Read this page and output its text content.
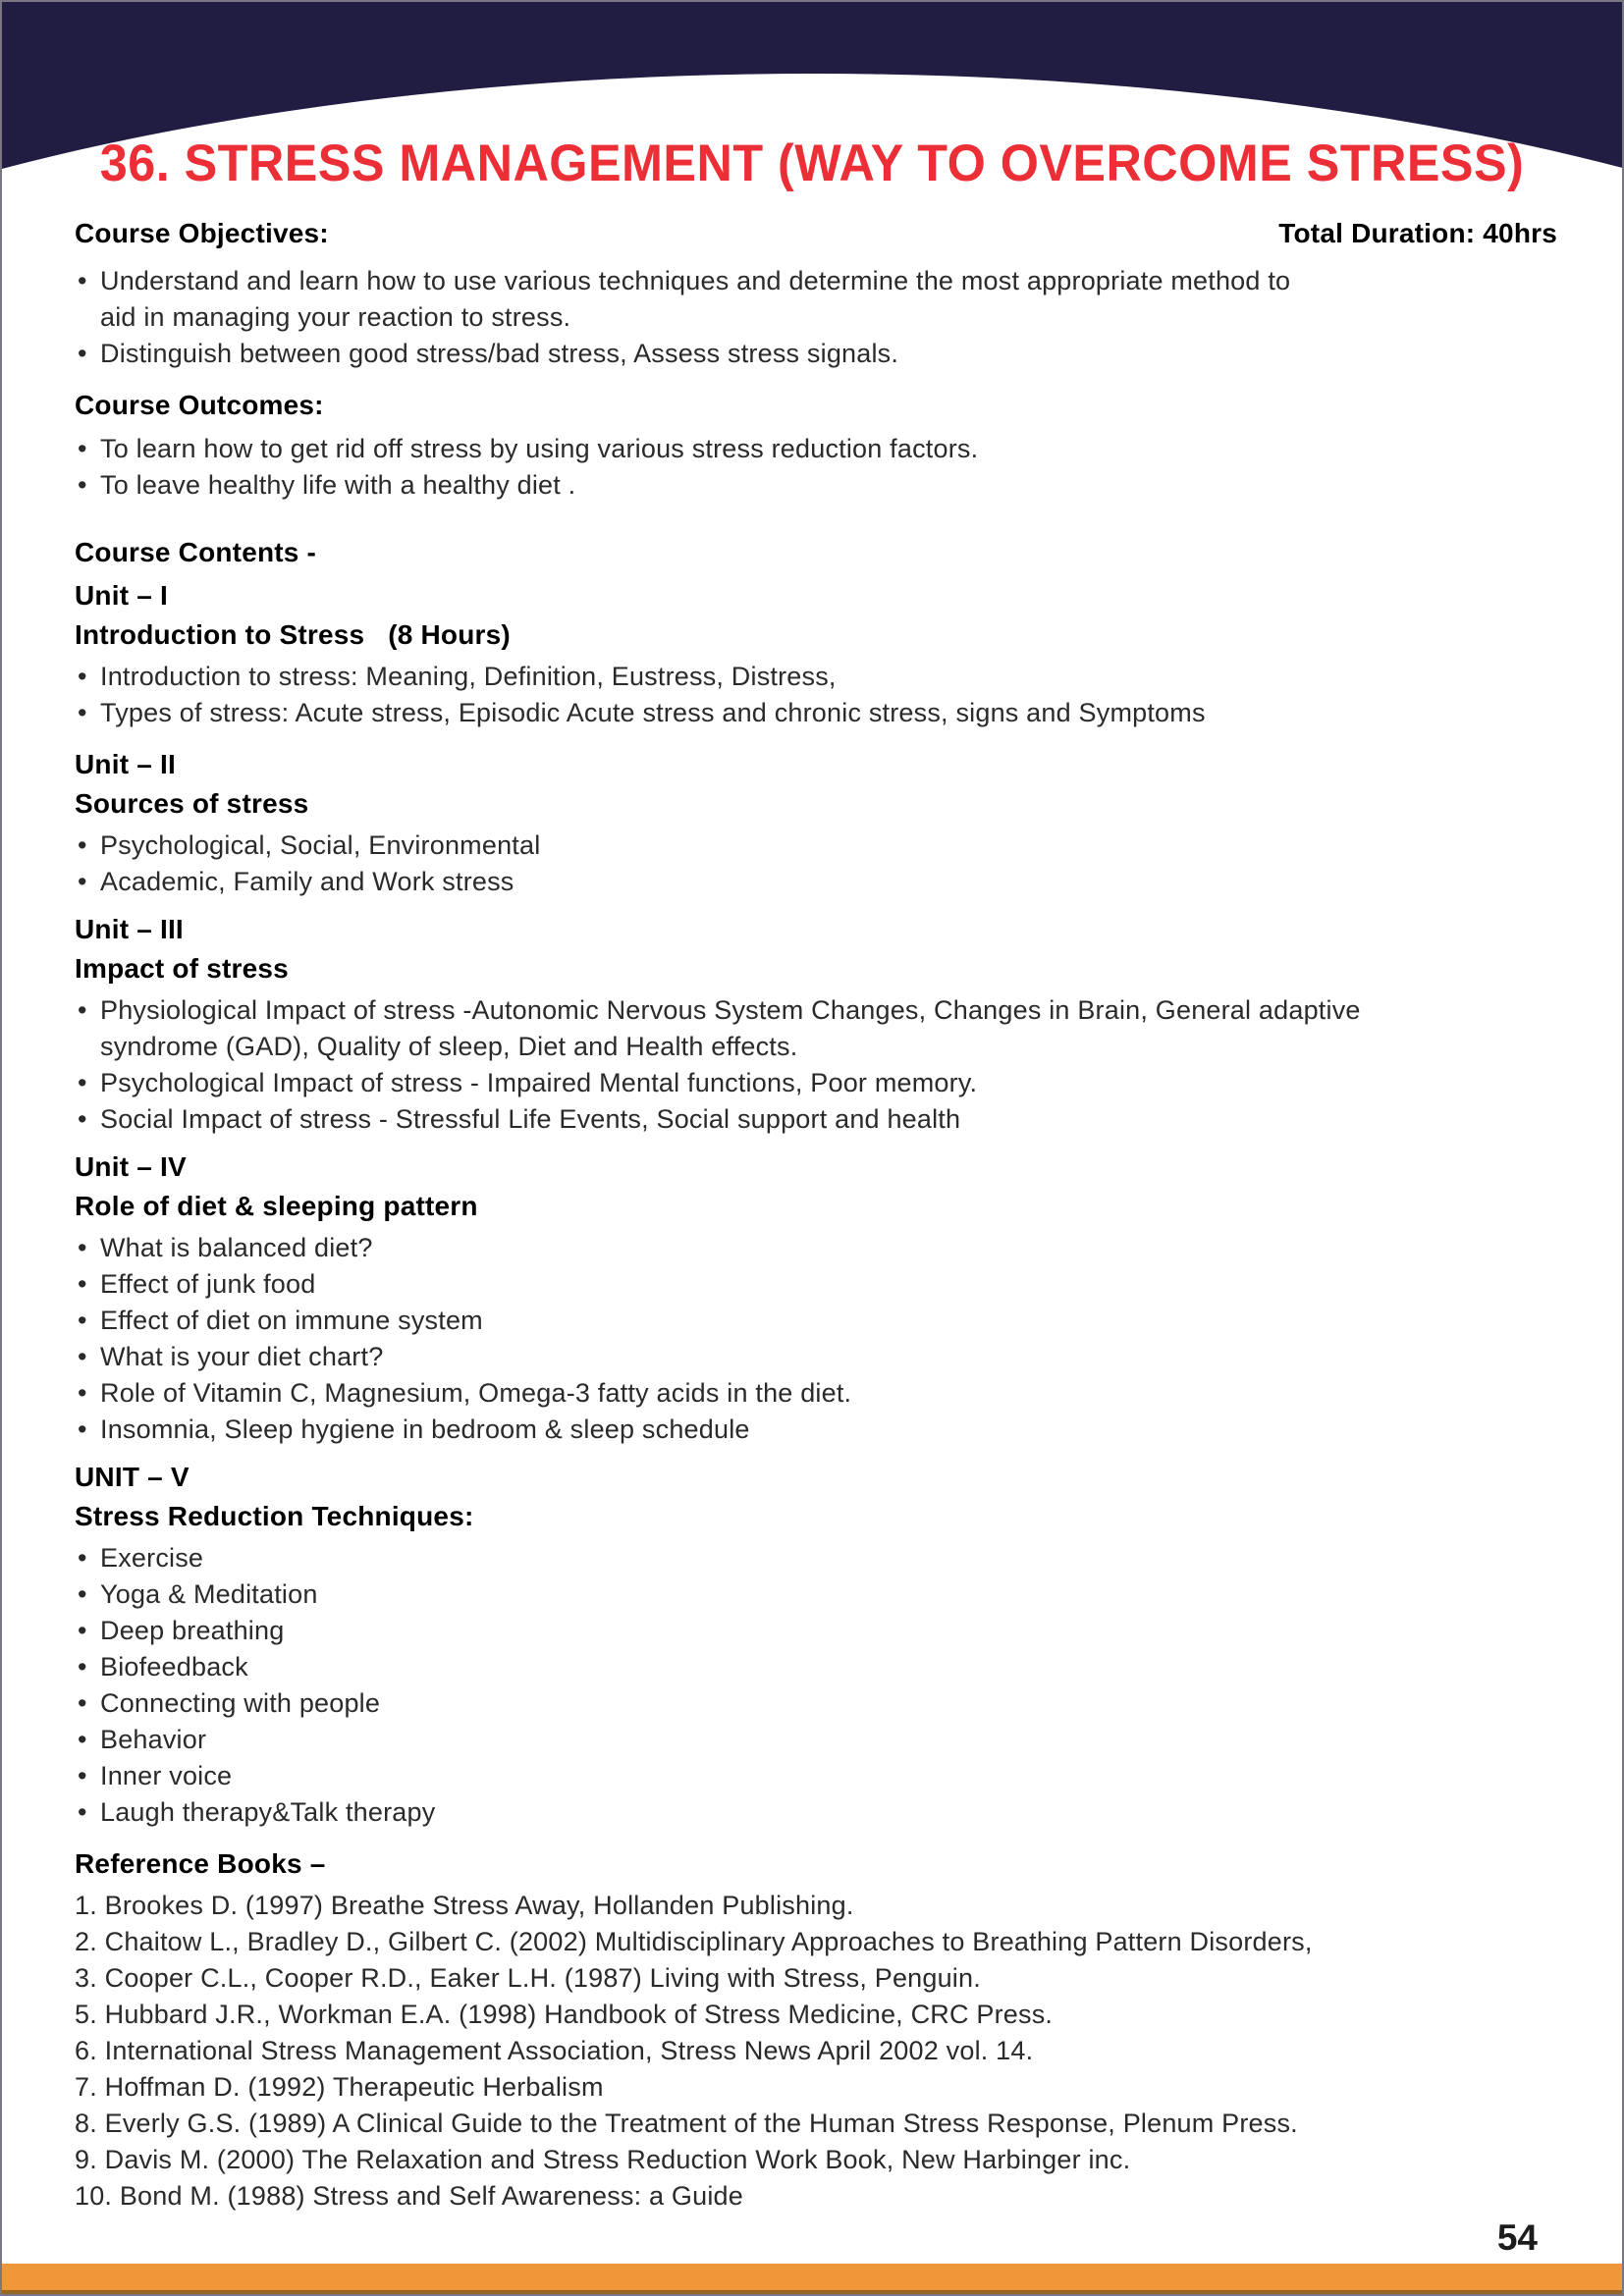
36. STRESS MANAGEMENT (WAY TO OVERCOME STRESS)
Course Objectives:	Total Duration: 40hrs
• Understand and learn how to use various techniques and determine the most appropriate method to aid in managing your reaction to stress.
• Distinguish between good stress/bad stress, Assess stress signals.
Course Outcomes:
• To learn how to get rid off stress by using various stress reduction factors.
• To leave healthy life with a healthy diet .
Course Contents -
Unit – I
Introduction to Stress   (8 Hours)
• Introduction to stress: Meaning, Definition, Eustress, Distress,
• Types of stress: Acute stress, Episodic Acute stress and chronic stress, signs and Symptoms
Unit – II
Sources of stress
• Psychological, Social, Environmental
• Academic, Family and Work stress
Unit – III
Impact of stress
• Physiological Impact of stress -Autonomic Nervous System Changes, Changes in Brain, General adaptive syndrome (GAD), Quality of sleep, Diet and Health effects.
• Psychological Impact of stress - Impaired Mental functions, Poor memory.
• Social Impact of stress - Stressful Life Events, Social support and health
Unit – IV
Role of diet & sleeping pattern
• What is balanced diet?
• Effect of junk food
• Effect of diet on immune system
• What is your diet chart?
• Role of Vitamin C, Magnesium, Omega-3 fatty acids in the diet.
• Insomnia, Sleep hygiene in bedroom & sleep schedule
UNIT – V
Stress Reduction Techniques:
• Exercise
• Yoga & Meditation
• Deep breathing
• Biofeedback
• Connecting with people
• Behavior
• Inner voice
• Laugh therapy&Talk therapy
Reference Books –
1. Brookes D. (1997) Breathe Stress Away, Hollanden Publishing.
2. Chaitow L., Bradley D., Gilbert C. (2002) Multidisciplinary Approaches to Breathing Pattern Disorders,
3. Cooper C.L., Cooper R.D., Eaker L.H. (1987) Living with Stress, Penguin.
5. Hubbard J.R., Workman E.A. (1998) Handbook of Stress Medicine, CRC Press.
6. International Stress Management Association, Stress News April 2002 vol. 14.
7. Hoffman D. (1992) Therapeutic Herbalism
8. Everly G.S. (1989) A Clinical Guide to the Treatment of the Human Stress Response, Plenum Press.
9. Davis M. (2000) The Relaxation and Stress Reduction Work Book, New Harbinger inc.
10. Bond M. (1988) Stress and Self Awareness: a Guide
54
